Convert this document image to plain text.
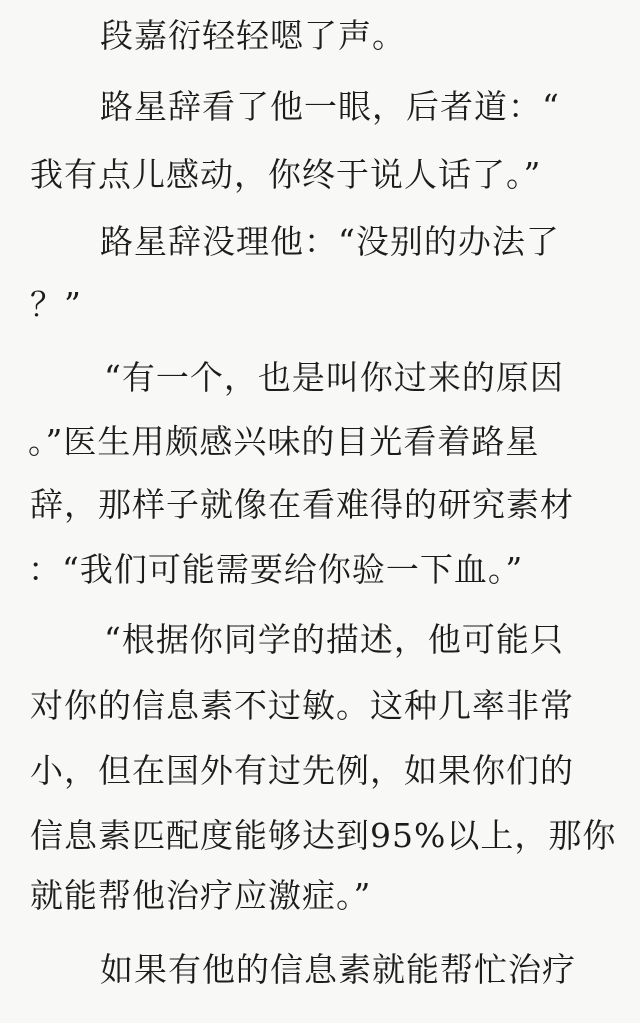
段嘉衍轻轻嗯了声。
路星辞看了他一眼，后者道：“
我有点儿感动，你终于说人话了。”
路星辞没理他：“没别的办法了
？”
“有一个，也是叫你过来的原因
。”医生用颇感兴味的目光看着路星
辞，那样子就像在看难得的研究素材
：“我们可能需要给你验一下血。”
“根据你同学的描述，他可能只
对你的信息素不过敏。这种几率非常
小，但在国外有过先例，如果你们的
信息素匹配度能够达到95%以上，那你
就能帮他治疗应激症。”
如果有他的信息素就能帮忙治疗
